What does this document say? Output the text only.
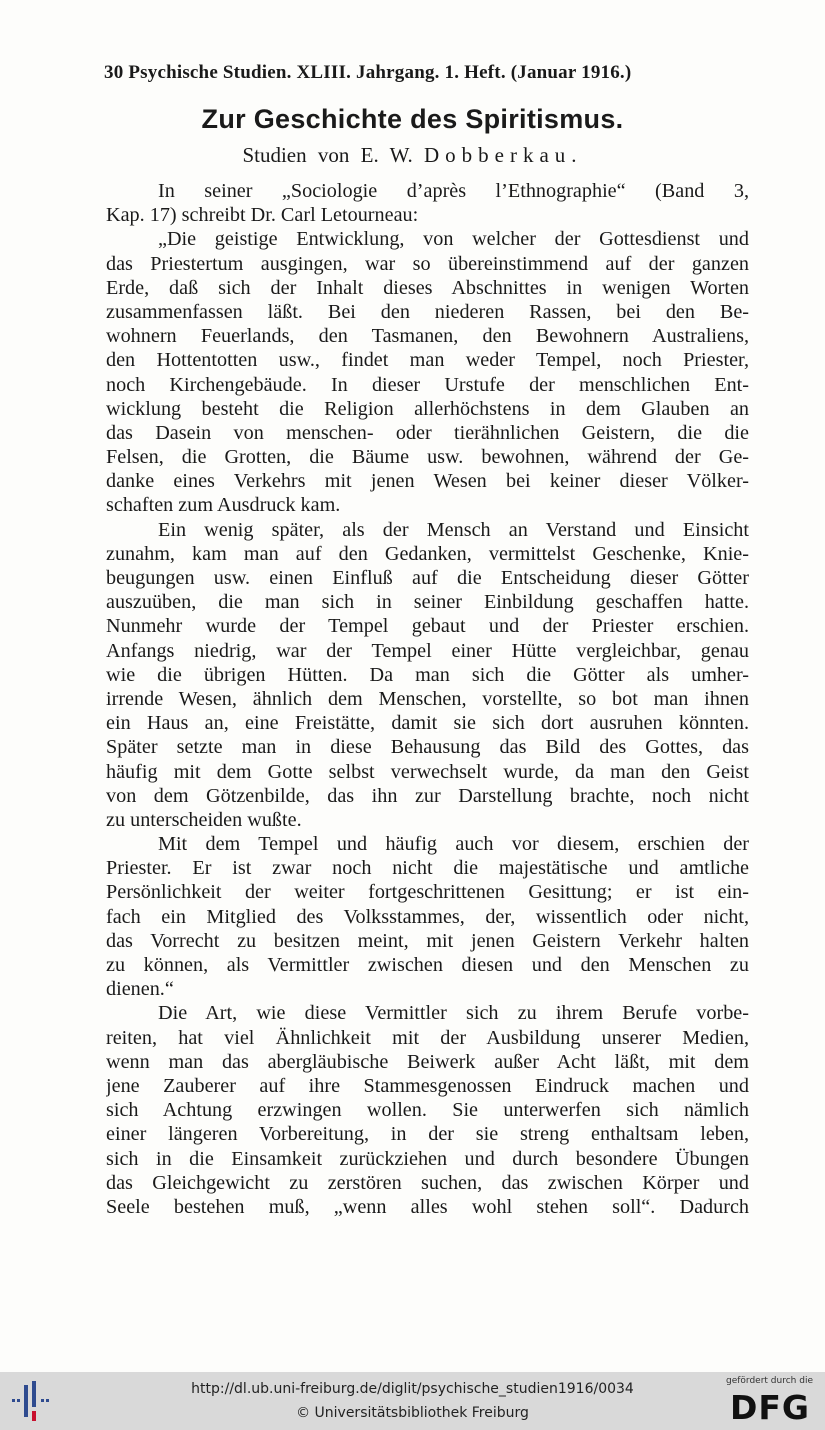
30 Psychische Studien. XLIII. Jahrgang. 1. Heft. (Januar 1916.)
Zur Geschichte des Spiritismus.
Studien von E. W. Dobberkau.
In seiner „Sociologie d’après l’Ethnographie“ (Band 3,
Kap. 17) schreibt Dr. Carl Letourneau:
„Die geistige Entwicklung, von welcher der Gottesdienst und
das Priestertum ausgingen, war so übereinstimmend auf der ganzen
Erde, daß sich der Inhalt dieses Abschnittes in wenigen Worten
zusammenfassen läßt. Bei den niederen Rassen, bei den Be-
wohnern Feuerlands, den Tasmanen, den Bewohnern Australiens,
den Hottentotten usw., findet man weder Tempel, noch Priester,
noch Kirchengebäude. In dieser Urstufe der menschlichen Ent-
wicklung besteht die Religion allerhöchstens in dem Glauben an
das Dasein von menschen- oder tierähnlichen Geistern, die die
Felsen, die Grotten, die Bäume usw. bewohnen, während der Ge-
danke eines Verkehrs mit jenen Wesen bei keiner dieser Völker-
schaften zum Ausdruck kam.
Ein wenig später, als der Mensch an Verstand und Einsicht
zunahm, kam man auf den Gedanken, vermittelst Geschenke, Knie-
beugungen usw. einen Einfluß auf die Entscheidung dieser Götter
auszuüben, die man sich in seiner Einbildung geschaffen hatte.
Nunmehr wurde der Tempel gebaut und der Priester erschien.
Anfangs niedrig, war der Tempel einer Hütte vergleichbar, genau
wie die übrigen Hütten. Da man sich die Götter als umher-
irrende Wesen, ähnlich dem Menschen, vorstellte, so bot man ihnen
ein Haus an, eine Freistätte, damit sie sich dort ausruhen könnten.
Später setzte man in diese Behausung das Bild des Gottes, das
häufig mit dem Gotte selbst verwechselt wurde, da man den Geist
von dem Götzenbilde, das ihn zur Darstellung brachte, noch nicht
zu unterscheiden wußte.
Mit dem Tempel und häufig auch vor diesem, erschien der
Priester. Er ist zwar noch nicht die majestätische und amtliche
Persönlichkeit der weiter fortgeschrittenen Gesittung; er ist ein-
fach ein Mitglied des Volksstammes, der, wissentlich oder nicht,
das Vorrecht zu besitzen meint, mit jenen Geistern Verkehr halten
zu können, als Vermittler zwischen diesen und den Menschen zu
dienen.“
Die Art, wie diese Vermittler sich zu ihrem Berufe vorbe-
reiten, hat viel Ähnlichkeit mit der Ausbildung unserer Medien,
wenn man das abergläubische Beiwerk außer Acht läßt, mit dem
jene Zauberer auf ihre Stammesgenossen Eindruck machen und
sich Achtung erzwingen wollen. Sie unterwerfen sich nämlich
einer längeren Vorbereitung, in der sie streng enthaltsam leben,
sich in die Einsamkeit zurückziehen und durch besondere Übungen
das Gleichgewicht zu zerstören suchen, das zwischen Körper und
Seele bestehen muß, „wenn alles wohl stehen soll“. Dadurch
http://dl.ub.uni-freiburg.de/diglit/psychische_studien1916/0034
© Universitätsbibliothek Freiburg
gefördert durch die
DFG
